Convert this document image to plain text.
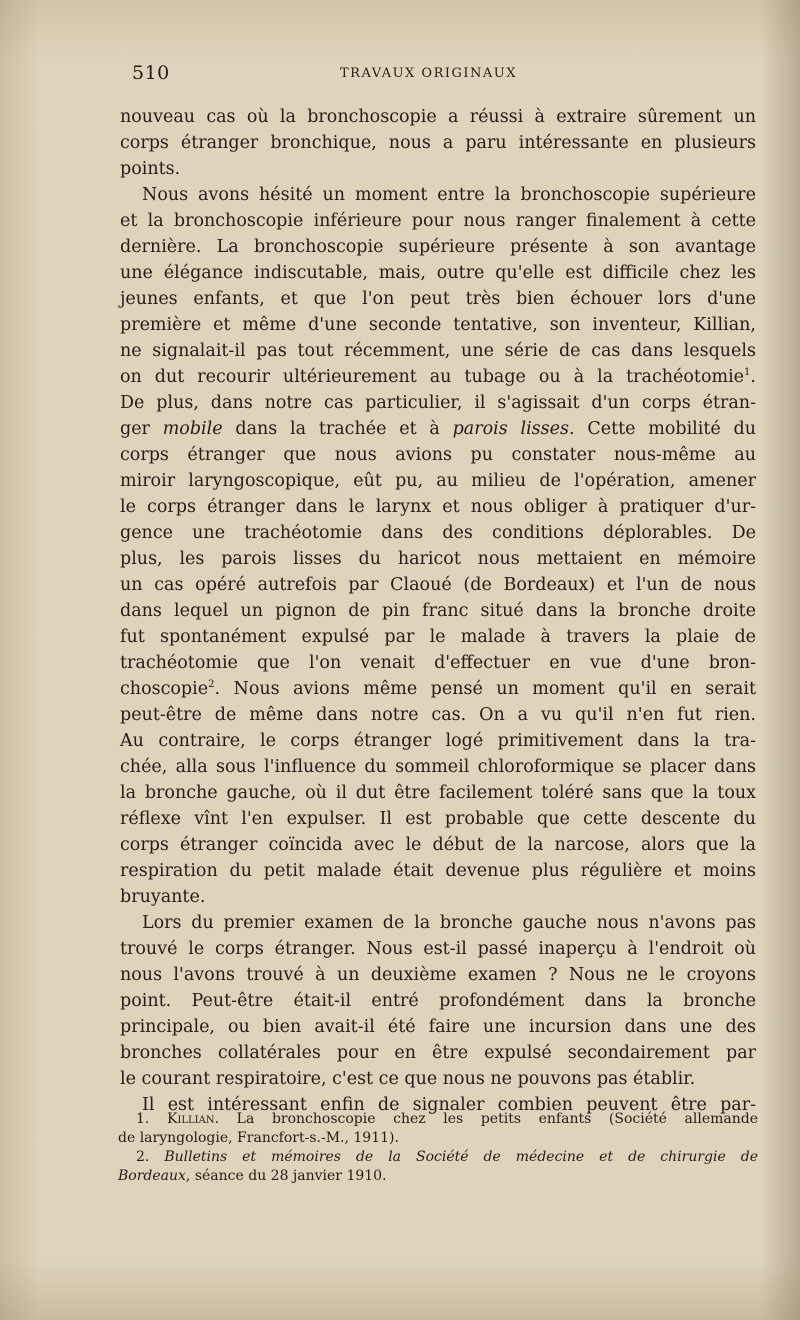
510	TRAVAUX ORIGINAUX
nouveau cas où la bronchoscopie a réussi à extraire sûrement un
corps étranger bronchique, nous a paru intéressante en plusieurs
points.
Nous avons hésité un moment entre la bronchoscopie supérieure
et la bronchoscopie inférieure pour nous ranger finalement à cette
dernière. La bronchoscopie supérieure présente à son avantage
une élégance indiscutable, mais, outre qu'elle est difficile chez les
jeunes enfants, et que l'on peut très bien échouer lors d'une
première et même d'une seconde tentative, son inventeur, Killian,
ne signalait-il pas tout récemment, une série de cas dans lesquels
on dut recourir ultérieurement au tubage ou à la trachéotomie$^1$.
De plus, dans notre cas particulier, il s'agissait d'un corps étran-
ger mobile dans la trachée et à parois lisses. Cette mobilité du
corps étranger que nous avions pu constater nous-même au
miroir laryngoscopique, eût pu, au milieu de l'opération, amener
le corps étranger dans le larynx et nous obliger à pratiquer d'ur-
gence une trachéotomie dans des conditions déplorables. De
plus, les parois lisses du haricot nous mettaient en mémoire
un cas opéré autrefois par Claoué (de Bordeaux) et l'un de nous
dans lequel un pignon de pin franc situé dans la bronche droite
fut spontanément expulsé par le malade à travers la plaie de
trachéotomie que l'on venait d'effectuer en vue d'une bron-
choscopie$^2$. Nous avions même pensé un moment qu'il en serait
peut-être de même dans notre cas. On a vu qu'il n'en fut rien.
Au contraire, le corps étranger logé primitivement dans la tra-
chée, alla sous l'influence du sommeil chloroformique se placer dans
la bronche gauche, où il dut être facilement toléré sans que la toux
réflexe vînt l'en expulser. Il est probable que cette descente du
corps étranger coïncida avec le début de la narcose, alors que la
respiration du petit malade était devenue plus régulière et moins
bruyante.
Lors du premier examen de la bronche gauche nous n'avons pas
trouvé le corps étranger. Nous est-il passé inaperçu à l'endroit où
nous l'avons trouvé à un deuxième examen ? Nous ne le croyons
point. Peut-être était-il entré profondément dans la bronche
principale, ou bien avait-il été faire une incursion dans une des
bronches collatérales pour en être expulsé secondairement par
le courant respiratoire, c'est ce que nous ne pouvons pas établir.
Il est intéressant enfin de signaler combien peuvent être par-
1. Killian. La bronchoscopie chez les petits enfants (Société allemande
de laryngologie, Francfort-s.-M., 1911).
2. Bulletins et mémoires de la Société de médecine et de chirurgie de
Bordeaux, séance du 28 janvier 1910.
